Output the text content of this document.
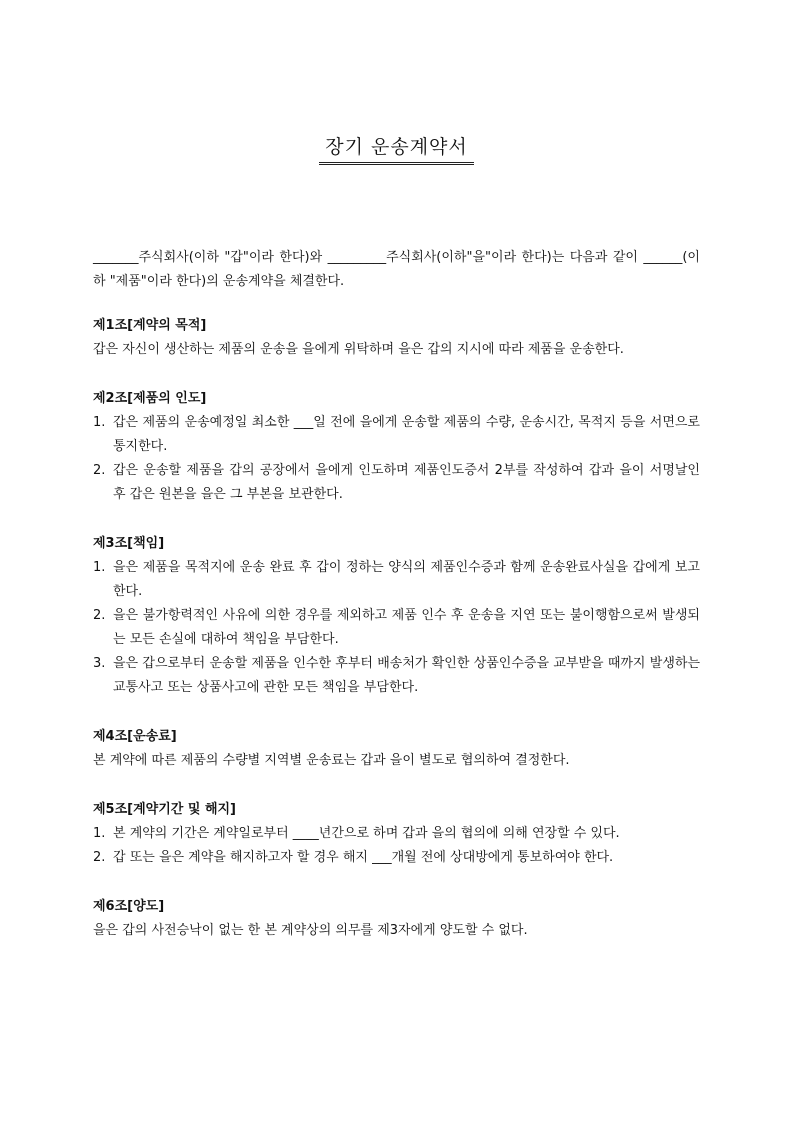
장기 운송계약서
_______주식회사(이하 "갑"이라 한다)와 _________주식회사(이하"을"이라 한다)는 다음과 같이 ______(이하 "제품"이라 한다)의 운송계약을 체결한다.
제1조[계약의 목적]
갑은 자신이 생산하는 제품의 운송을 을에게 위탁하며 을은 갑의 지시에 따라 제품을 운송한다.
제2조[제품의 인도]
1. 갑은 제품의 운송예정일 최소한 ___일 전에 을에게 운송할 제품의 수량, 운송시간, 목적지 등을 서면으로 통지한다.
2. 갑은 운송할 제품을 갑의 공장에서 을에게 인도하며 제품인도증서 2부를 작성하여 갑과 을이 서명날인 후 갑은 원본을 을은 그 부본을 보관한다.
제3조[책임]
1. 을은 제품을 목적지에 운송 완료 후 갑이 정하는 양식의 제품인수증과 함께 운송완료사실을 갑에게 보고한다.
2. 을은 불가항력적인 사유에 의한 경우를 제외하고 제품 인수 후 운송을 지연 또는 불이행함으로써 발생되는 모든 손실에 대하여 책임을 부담한다.
3. 을은 갑으로부터 운송할 제품을 인수한 후부터 배송처가 확인한 상품인수증을 교부받을 때까지 발생하는 교통사고 또는 상품사고에 관한 모든 책임을 부담한다.
제4조[운송료]
본 계약에 따른 제품의 수량별 지역별 운송료는 갑과 을이 별도로 협의하여 결정한다.
제5조[계약기간 및 해지]
1. 본 계약의 기간은 계약일로부터 ____년간으로 하며 갑과 을의 협의에 의해 연장할 수 있다.
2. 갑 또는 을은 계약을 해지하고자 할 경우 해지 ___개월 전에 상대방에게 통보하여야 한다.
제6조[양도]
을은 갑의 사전승낙이 없는 한 본 계약상의 의무를 제3자에게 양도할 수 없다.
